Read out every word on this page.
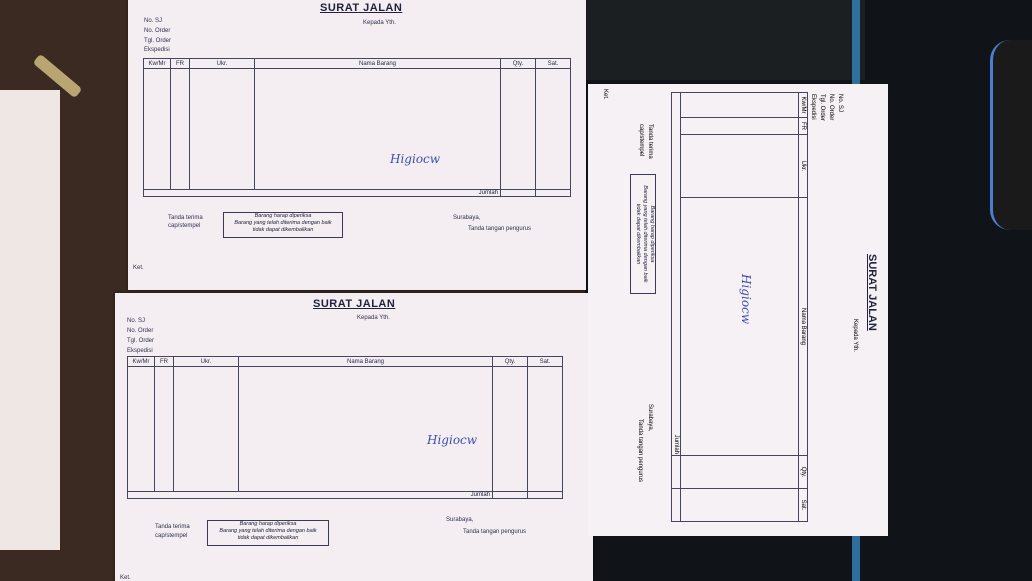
SURAT JALAN
No. SJ
No. Order
Tgl. Order
Ekspedisi
Kepada Yth.
Kw/Mr	FR	Ukr.	Nama Barang	Qty.	Sat.

Jumlah					
Tanda terima
cap/stempel
Barang harap diperiksa
Barang yang telah diterima dengan baik
tidak dapat dikembalikan
Surabaya,
Tanda tangan pengurus
Ket.
Higiocw
SURAT JALAN
No. SJ
No. Order
Tgl. Order
Ekspedisi
Kepada Yth.
Kw/Mr	FR	Ukr.	Nama Barang	Qty.	Sat.

Jumlah					
Tanda terima
cap/stempel
Barang harap diperiksa
Barang yang telah diterima dengan baik
tidak dapat dikembalikan
Surabaya,
Tanda tangan pengurus
Ket.
Higiocw
SURAT JALAN
No. SJ
No. Order
Tgl. Order
Ekspedisi
Kepada Yth.
Kw/Mr	FR	Ukr.	Nama Barang	Qty.	Sat.

Jumlah					
Tanda terima
cap/stempel
Barang harap diperiksa
Barang yang telah diterima dengan baik
tidak dapat dikembalikan
Surabaya,
Tanda tangan pengurus
Ket.
Higiocw
